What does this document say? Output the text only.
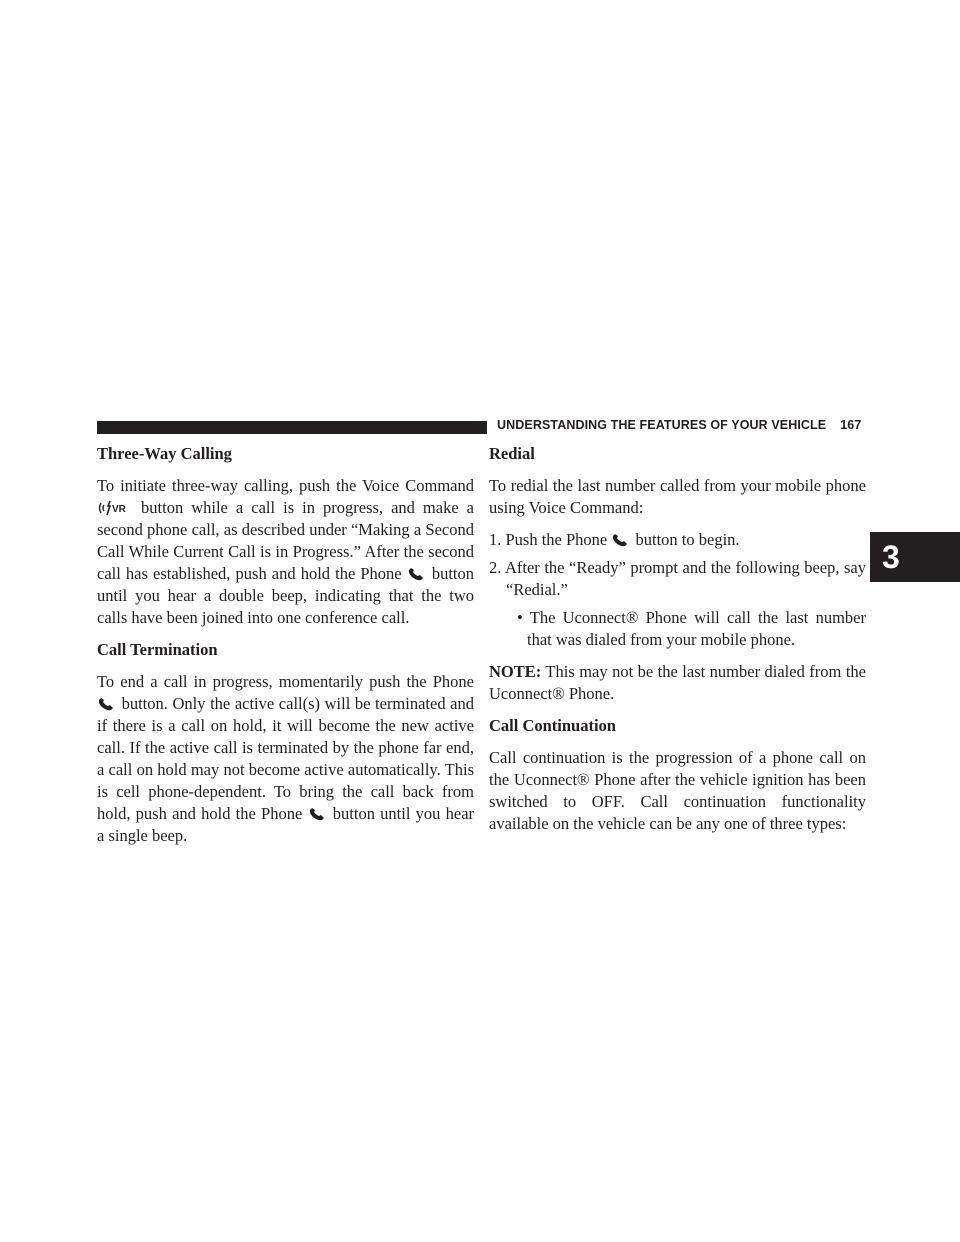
UNDERSTANDING THE FEATURES OF YOUR VEHICLE 167
3
Three-Way Calling

To initiate three-way calling, push the Voice Command
VR button while a call is in progress, and make a second phone call, as described under “Making a Second Call While Current Call is in Progress.” After the second call has established, push and hold the Phone button until you hear a double beep, indicating that the two calls have been joined into one conference call.

Call Termination

To end a call in progress, momentarily push the Phone  button. Only the active call(s) will be terminated and if there is a call on hold, it will become the new active call. If the active call is terminated by the phone far end, a call on hold may not become active automatically. This is cell phone-dependent. To bring the call back from hold, push and hold the Phone button until you hear a single beep.

Redial

To redial the last number called from your mobile phone using Voice Command:

1. Push the Phone button to begin.

2. After the “Ready” prompt and the following beep, say “Redial.”

• The Uconnect® Phone will call the last number that was dialed from your mobile phone.

NOTE: This may not be the last number dialed from the Uconnect® Phone.

Call Continuation

Call continuation is the progression of a phone call on the Uconnect® Phone after the vehicle ignition has been switched to OFF. Call continuation functionality available on the vehicle can be any one of three types:
